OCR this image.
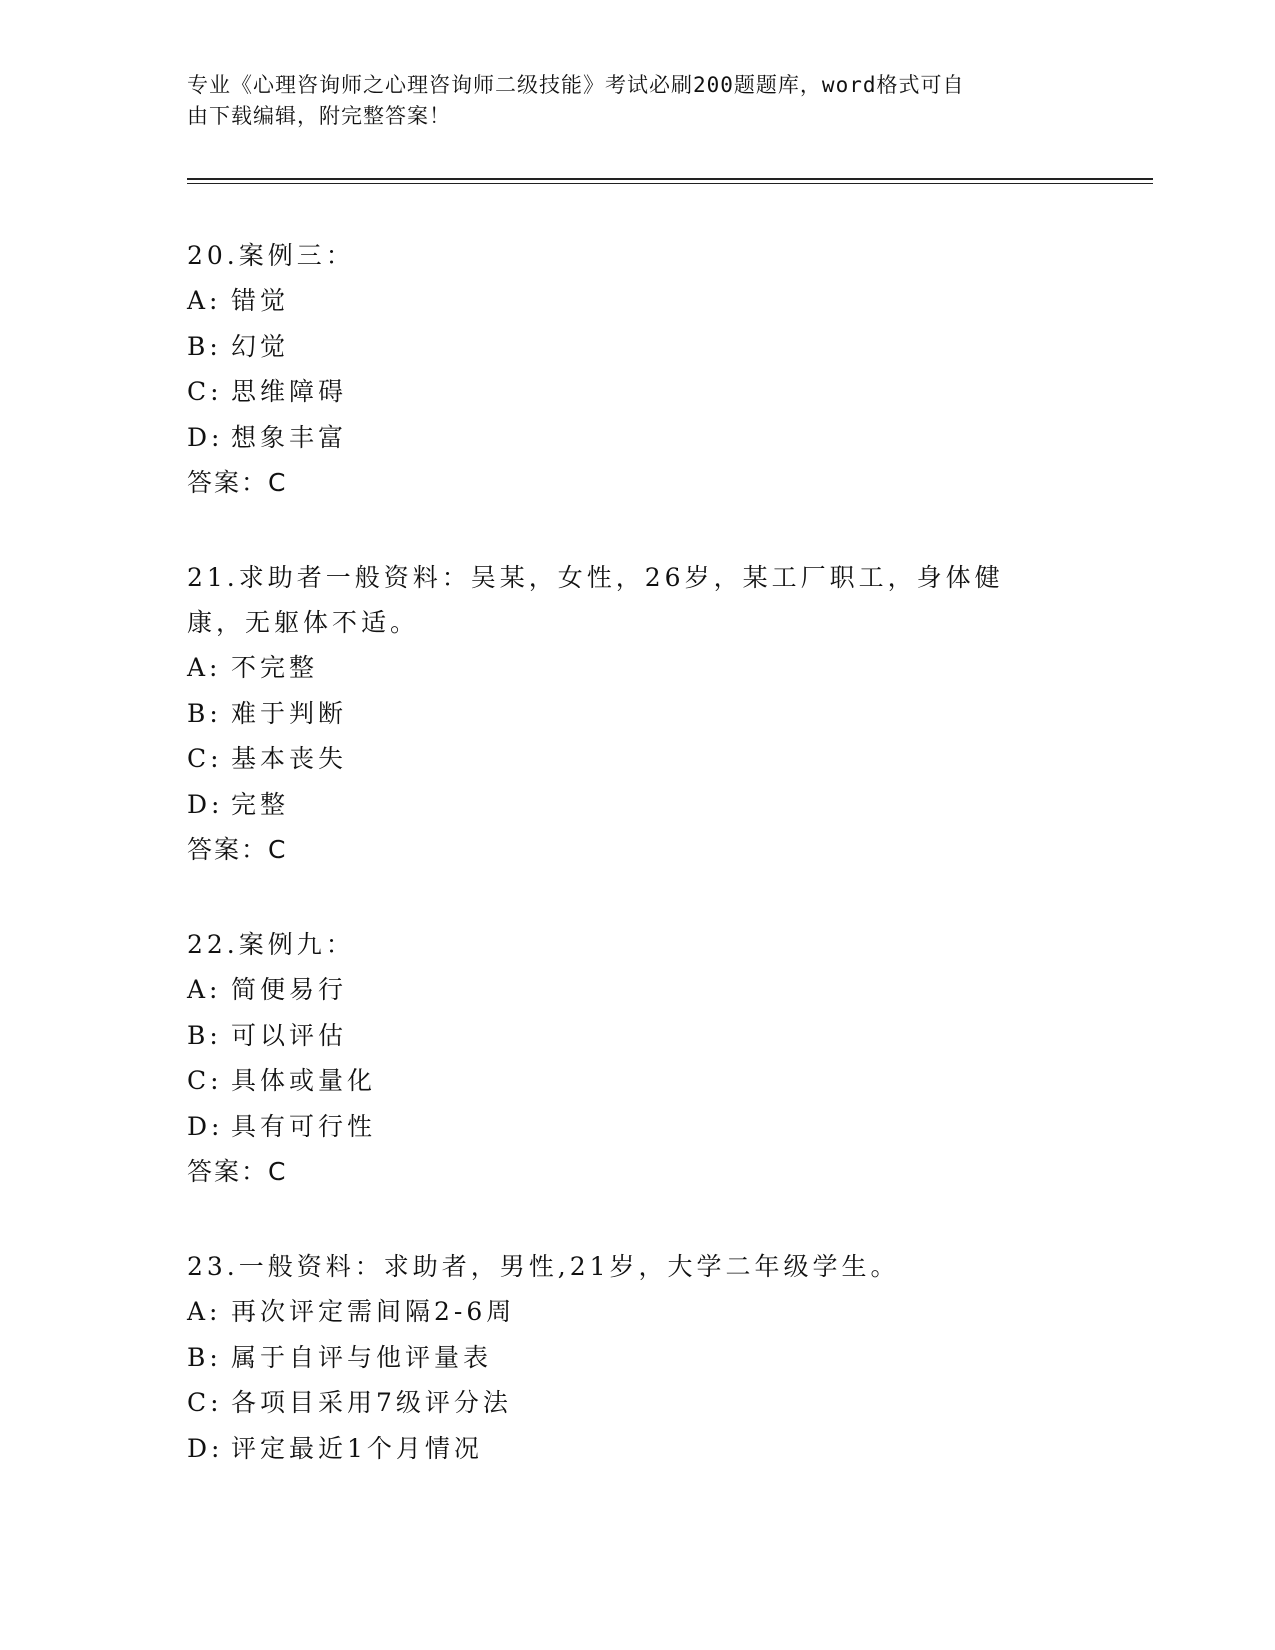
专业《心理咨询师之心理咨询师二级技能》考试必刷200题题库，word格式可自
由下载编辑，附完整答案！

20.案例三：

A: 错觉
B: 幻觉
C: 思维障碍
D: 想象丰富
答案：C

21.求助者一般资料：吴某，女性，26岁，某工厂职工，身体健康，无躯体不适。

A: 不完整
B: 难于判断
C: 基本丧失
D: 完整
答案：C

22.案例九：

A: 简便易行
B: 可以评估
C: 具体或量化
D: 具有可行性
答案：C

23.一般资料：求助者，男性,21岁，大学二年级学生。

A: 再次评定需间隔2-6周
B: 属于自评与他评量表
C: 各项目采用7级评分法
D: 评定最近1个月情况
